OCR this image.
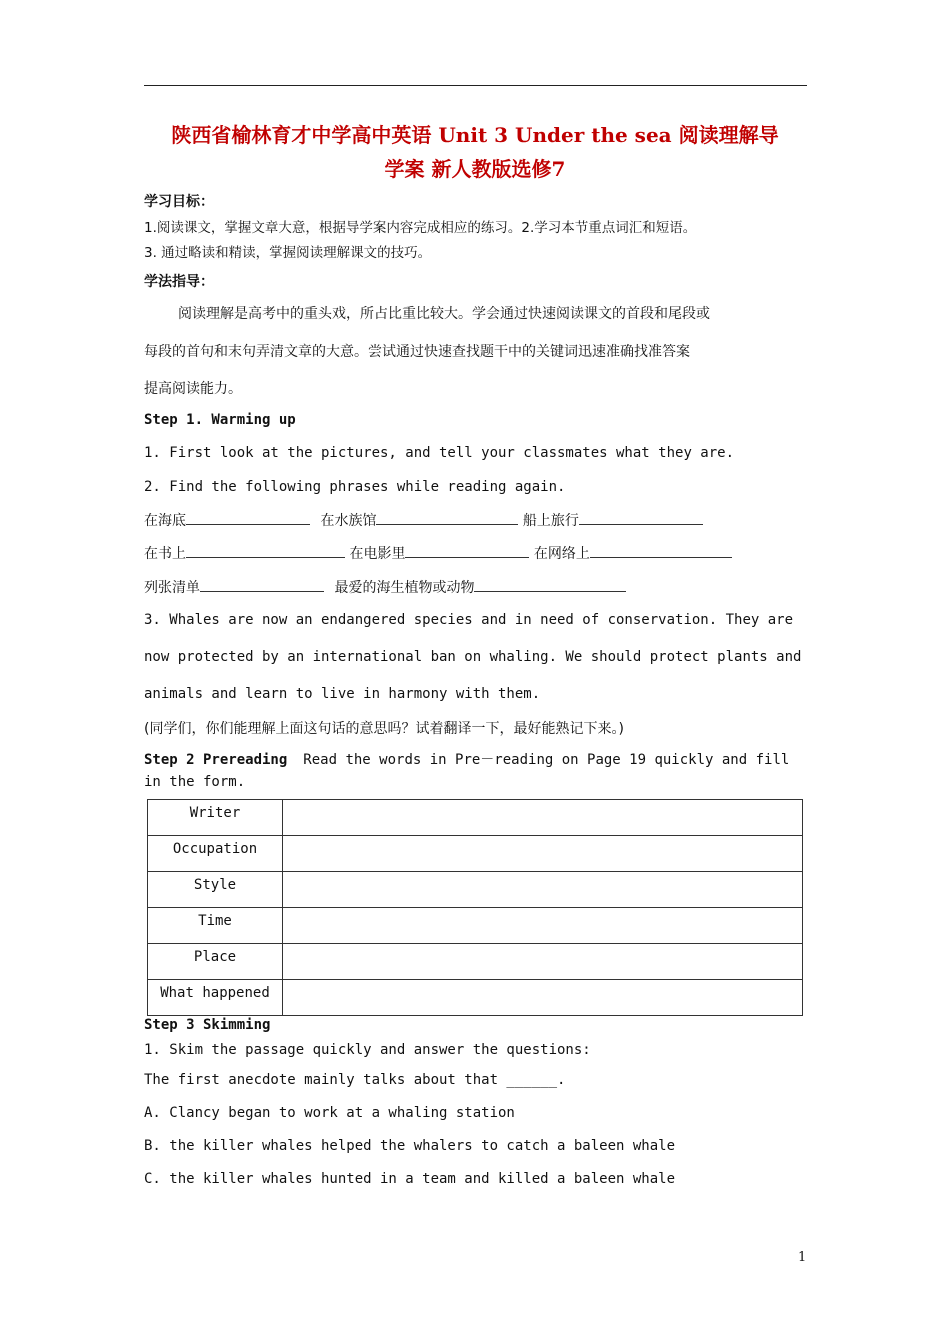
陕西省榆林育才中学高中英语 Unit 3 Under the sea 阅读理解导
学案 新人教版选修7
学习目标：
1.阅读课文，掌握文章大意，根据导学案内容完成相应的练习。2.学习本节重点词汇和短语。
3. 通过略读和精读，掌握阅读理解课文的技巧。
学法指导：
阅读理解是高考中的重头戏，所占比重比较大。学会通过快速阅读课文的首段和尾段或
每段的首句和末句弄清文章的大意。尝试通过快速查找题干中的关键词迅速准确找准答案
提高阅读能力。
Step 1. Warming up
1. First look at the pictures, and tell your classmates what they are.
2. Find the following phrases while reading again.
在海底	在水族馆	船上旅行
在书上	在电影里	在网络上
列张清单	最爱的海生植物或动物
3. Whales are now an endangered species and in need of conservation. They are
now protected by an international ban on whaling. We should protect plants and
animals and learn to live in harmony with them.
(同学们，你们能理解上面这句话的意思吗？试着翻译一下，最好能熟记下来。)
Step 2 Prereading Read the words in Pre－reading on Page 19 quickly and fill
in the form.
Writer	
Occupation	
Style	
Time	
Place	
What happened	
Step 3 Skimming
1. Skim the passage quickly and answer the questions:
The first anecdote mainly talks about that ______.
A. Clancy began to work at a whaling station
B. the killer whales helped the whalers to catch a baleen whale
C. the killer whales hunted in a team and killed a baleen whale
1
